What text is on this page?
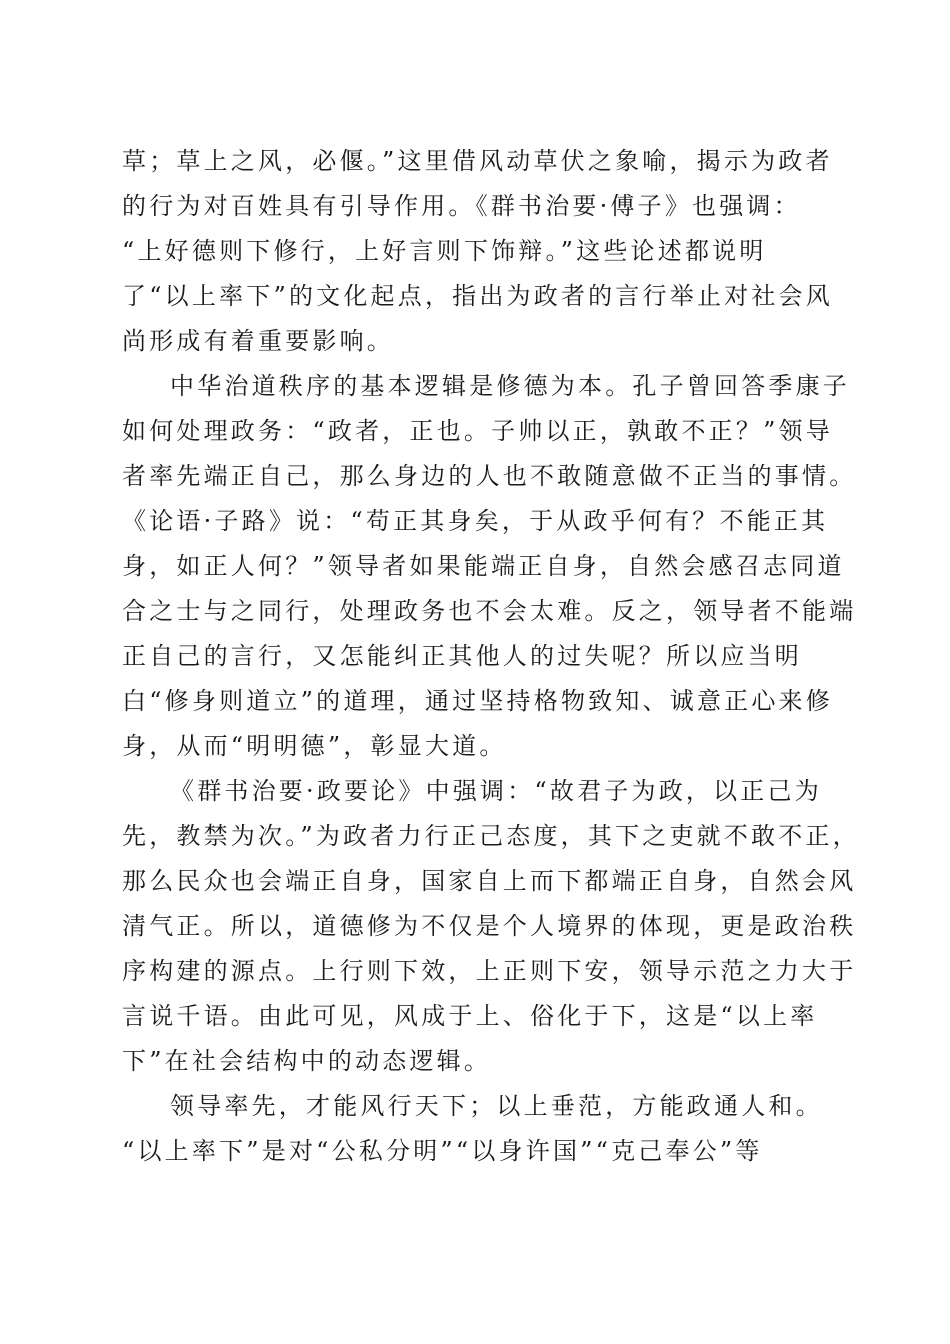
草；草上之风，必偃。”这里借风动草伏之象喻，揭示为政者
的行为对百姓具有引导作用。《群书治要·傅子》也强调：
“上好德则下修行，上好言则下饰辩。”这些论述都说明
了“以上率下”的文化起点，指出为政者的言行举止对社会风
尚形成有着重要影响。
中华治道秩序的基本逻辑是修德为本。孔子曾回答季康子
如何处理政务：“政者，正也。子帅以正，孰敢不正？”领导
者率先端正自己，那么身边的人也不敢随意做不正当的事情。
《论语·子路》说：“苟正其身矣，于从政乎何有？不能正其
身，如正人何？”领导者如果能端正自身，自然会感召志同道
合之士与之同行，处理政务也不会太难。反之，领导者不能端
正自己的言行，又怎能纠正其他人的过失呢？所以应当明
白“修身则道立”的道理，通过坚持格物致知、诚意正心来修
身，从而“明明德”，彰显大道。
《群书治要·政要论》中强调：“故君子为政，以正己为
先，教禁为次。”为政者力行正己态度，其下之吏就不敢不正，
那么民众也会端正自身，国家自上而下都端正自身，自然会风
清气正。所以，道德修为不仅是个人境界的体现，更是政治秩
序构建的源点。上行则下效，上正则下安，领导示范之力大于
言说千语。由此可见，风成于上、俗化于下，这是“以上率
下”在社会结构中的动态逻辑。
领导率先，才能风行天下；以上垂范，方能政通人和。
“以上率下”是对“公私分明”“以身许国”“克己奉公”等
